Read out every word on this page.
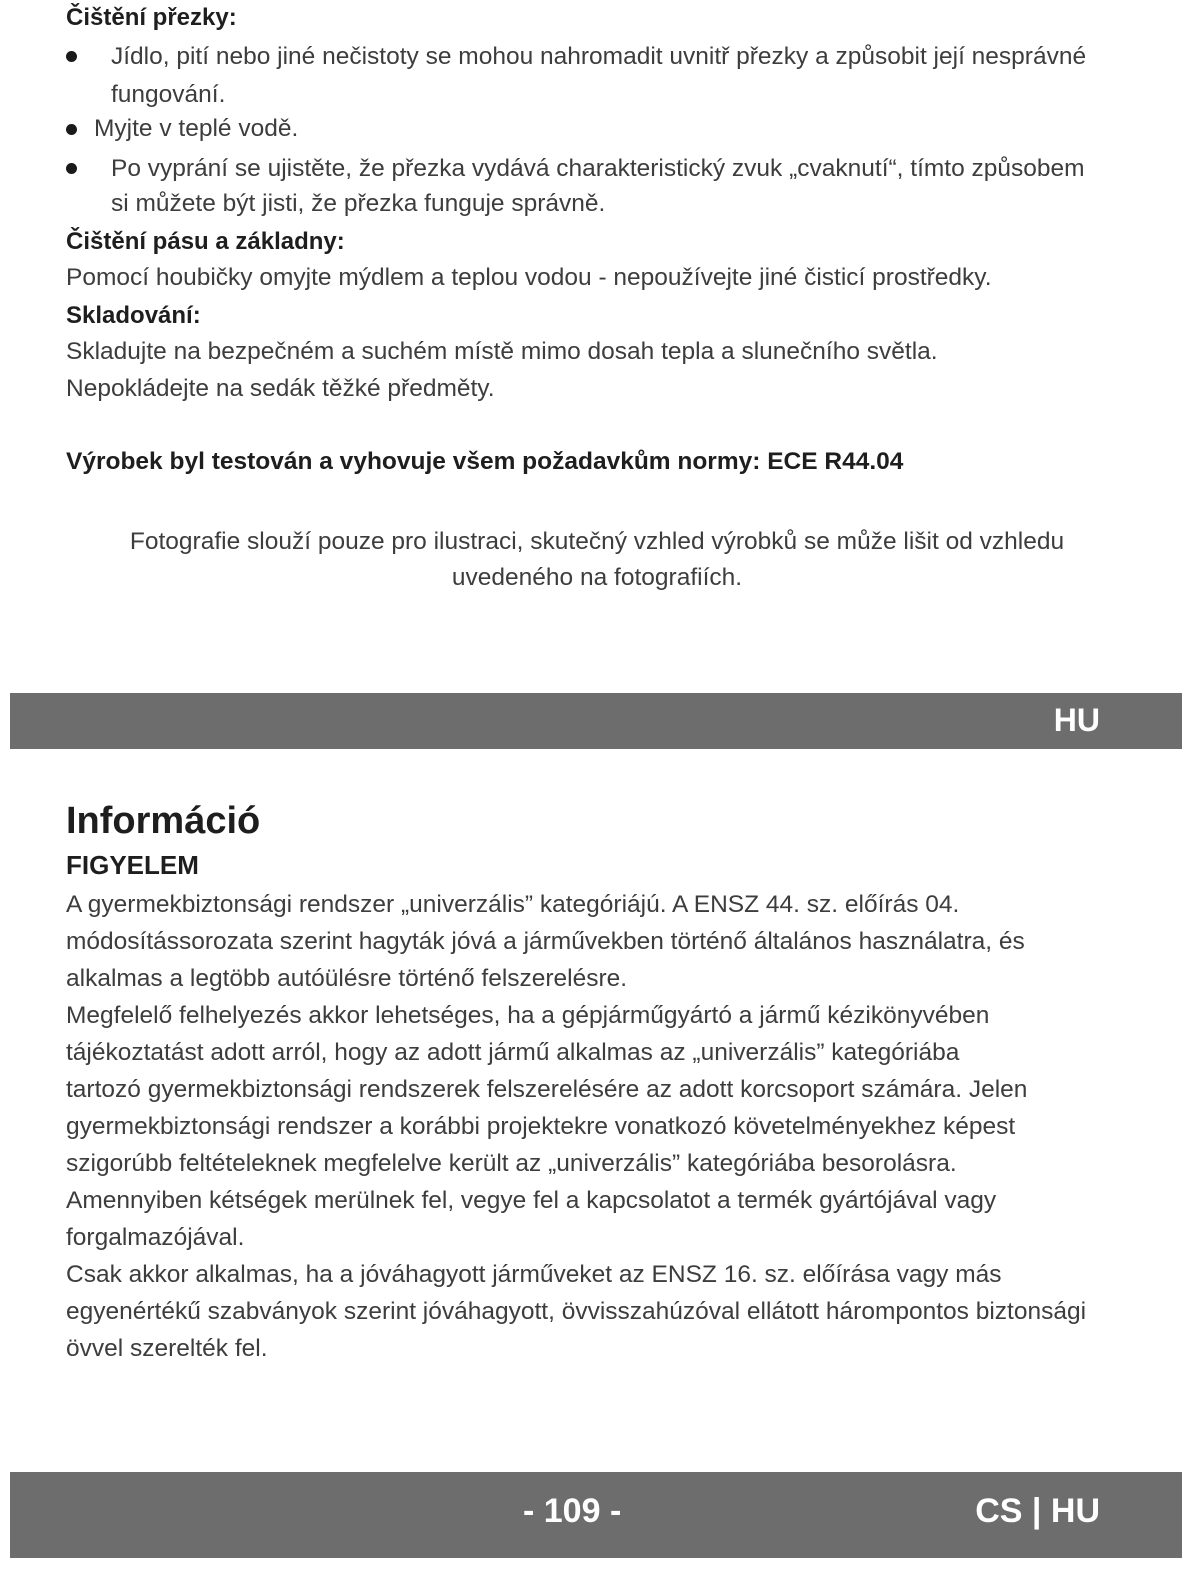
Čištění přezky:
Jídlo, pití nebo jiné nečistoty se mohou nahromadit uvnitř přezky a způsobit její nesprávné
fungování.
Myjte v teplé vodě.
Po vyprání se ujistěte, že přezka vydává charakteristický zvuk „cvaknutí“, tímto způsobem
si můžete být jisti, že přezka funguje správně.
Čištění pásu a základny:
Pomocí houbičky omyjte mýdlem a teplou vodou - nepoužívejte jiné čisticí prostředky.
Skladování:
Skladujte na bezpečném a suchém místě mimo dosah tepla a slunečního světla.
Nepokládejte na sedák těžké předměty.
Výrobek byl testován a vyhovuje všem požadavkům normy: ECE R44.04
Fotografie slouží pouze pro ilustraci, skutečný vzhled výrobků se může lišit od vzhledu uvedeného na fotografiích.
HU
Információ
FIGYELEM

A gyermekbiztonsági rendszer „univerzális” kategóriájú. A ENSZ 44. sz. előírás 04.

módosítássorozata szerint hagyták jóvá a járművekben történő általános használatra, és

alkalmas a legtöbb autóülésre történő felszerelésre.

Megfelelő felhelyezés akkor lehetséges, ha a gépjárműgyártó a jármű kézikönyvében

tájékoztatást adott arról, hogy az adott jármű alkalmas az „univerzális” kategóriába

tartozó gyermekbiztonsági rendszerek felszerelésére az adott korcsoport számára. Jelen

gyermekbiztonsági rendszer a korábbi projektekre vonatkozó követelményekhez képest

szigorúbb feltételeknek megfelelve került az „univerzális” kategóriába besorolásra.

Amennyiben kétségek merülnek fel, vegye fel a kapcsolatot a termék gyártójával vagy

forgalmazójával.

Csak akkor alkalmas, ha a jóváhagyott járműveket az ENSZ 16. sz. előírása vagy más

egyenértékű szabványok szerint jóváhagyott, övvisszahúzóval ellátott hárompontos biztonsági

övvel szerelték fel.

- 109 -	CS | HU
